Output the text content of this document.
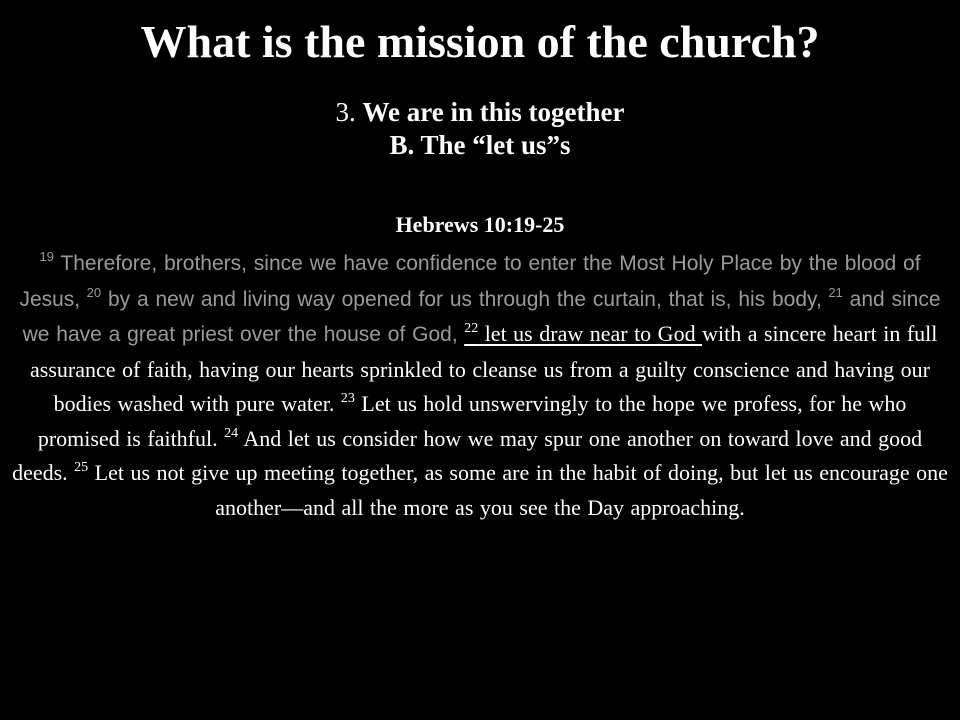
What is the mission of the church?
3. We are in this together
B. The “let us”s
Hebrews 10:19-25
$^{19}$ Therefore, brothers, since we have confidence to enter the Most Holy Place by the blood of Jesus, $^{20}$ by a new and living way opened for us through the curtain, that is, his body, $^{21}$ and since we have a great priest over the house of God, $^{22}$ let us draw near to God with a sincere heart in full assurance of faith, having our hearts sprinkled to cleanse us from a guilty conscience and having our bodies washed with pure water. $^{23}$ Let us hold unswervingly to the hope we profess, for he who promised is faithful. $^{24}$ And let us consider how we may spur one another on toward love and good deeds. $^{25}$ Let us not give up meeting together, as some are in the habit of doing, but let us encourage one another—and all the more as you see the Day approaching.
